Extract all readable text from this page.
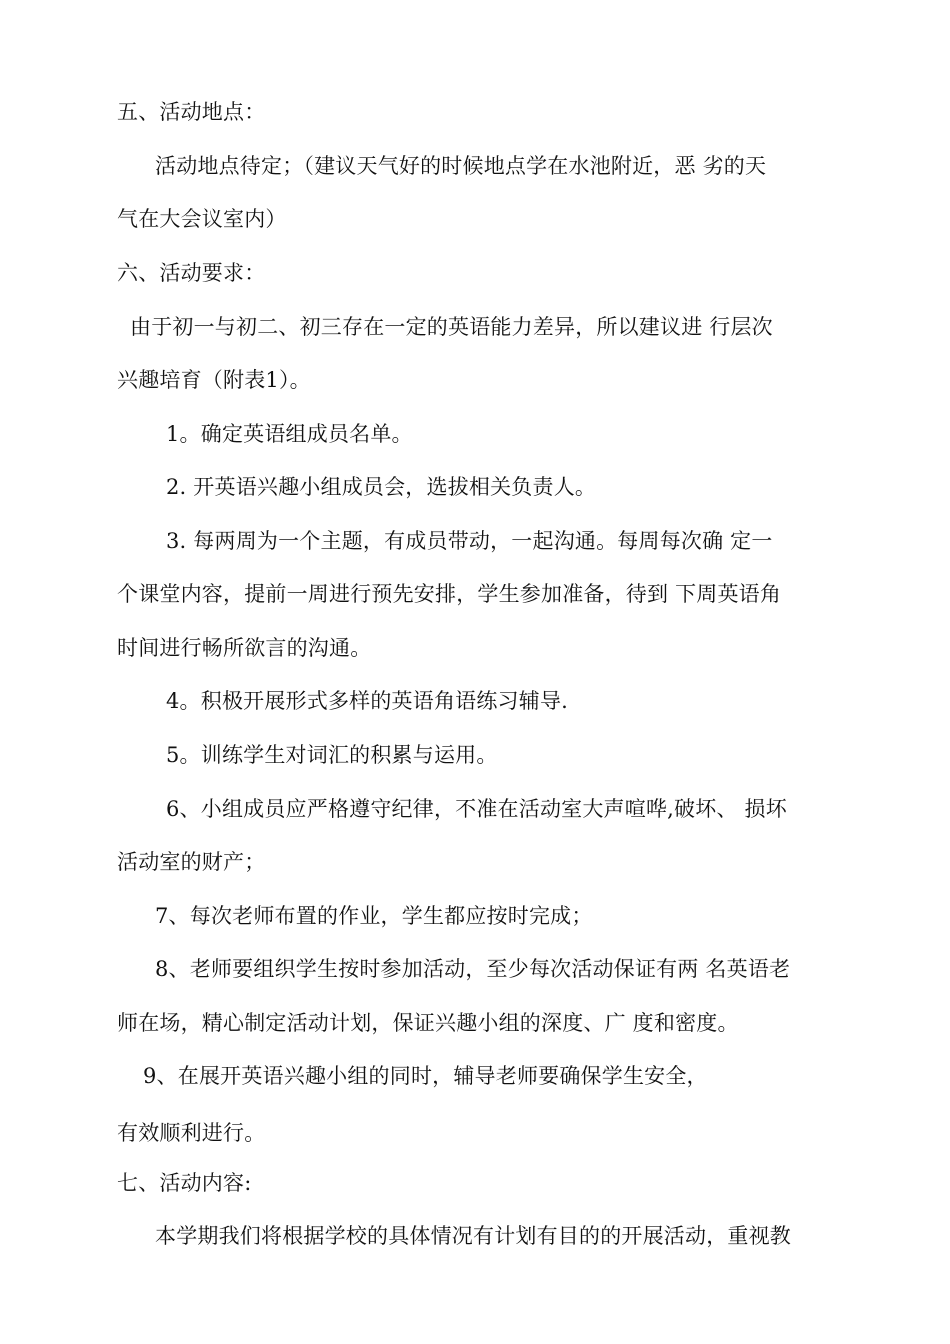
五、活动地点：

活动地点待定；（建议天气好的时候地点学在水池附近，恶 劣的天

气在大会议室内）

六、活动要求：

由于初一与初二、初三存在一定的英语能力差异，所以建议进 行层次

兴趣培育（附表1）。

1。确定英语组成员名单。

2. 开英语兴趣小组成员会，选拔相关负责人。

3. 每两周为一个主题，有成员带动，一起沟通。每周每次确 定一

个课堂内容，提前一周进行预先安排，学生参加准备，待到 下周英语角

时间进行畅所欲言的沟通。

4。积极开展形式多样的英语角语练习辅导.

5。训练学生对词汇的积累与运用。

6、小组成员应严格遵守纪律，不准在活动室大声喧哗,破坏、 损坏

活动室的财产；

7、每次老师布置的作业，学生都应按时完成；

8、老师要组织学生按时参加活动，至少每次活动保证有两 名英语老

师在场，精心制定活动计划，保证兴趣小组的深度、广 度和密度。

9、在展开英语兴趣小组的同时，辅导老师要确保学生安全，

有效顺利进行。

七、活动内容:

本学期我们将根据学校的具体情况有计划有目的的开展活动，重视教
